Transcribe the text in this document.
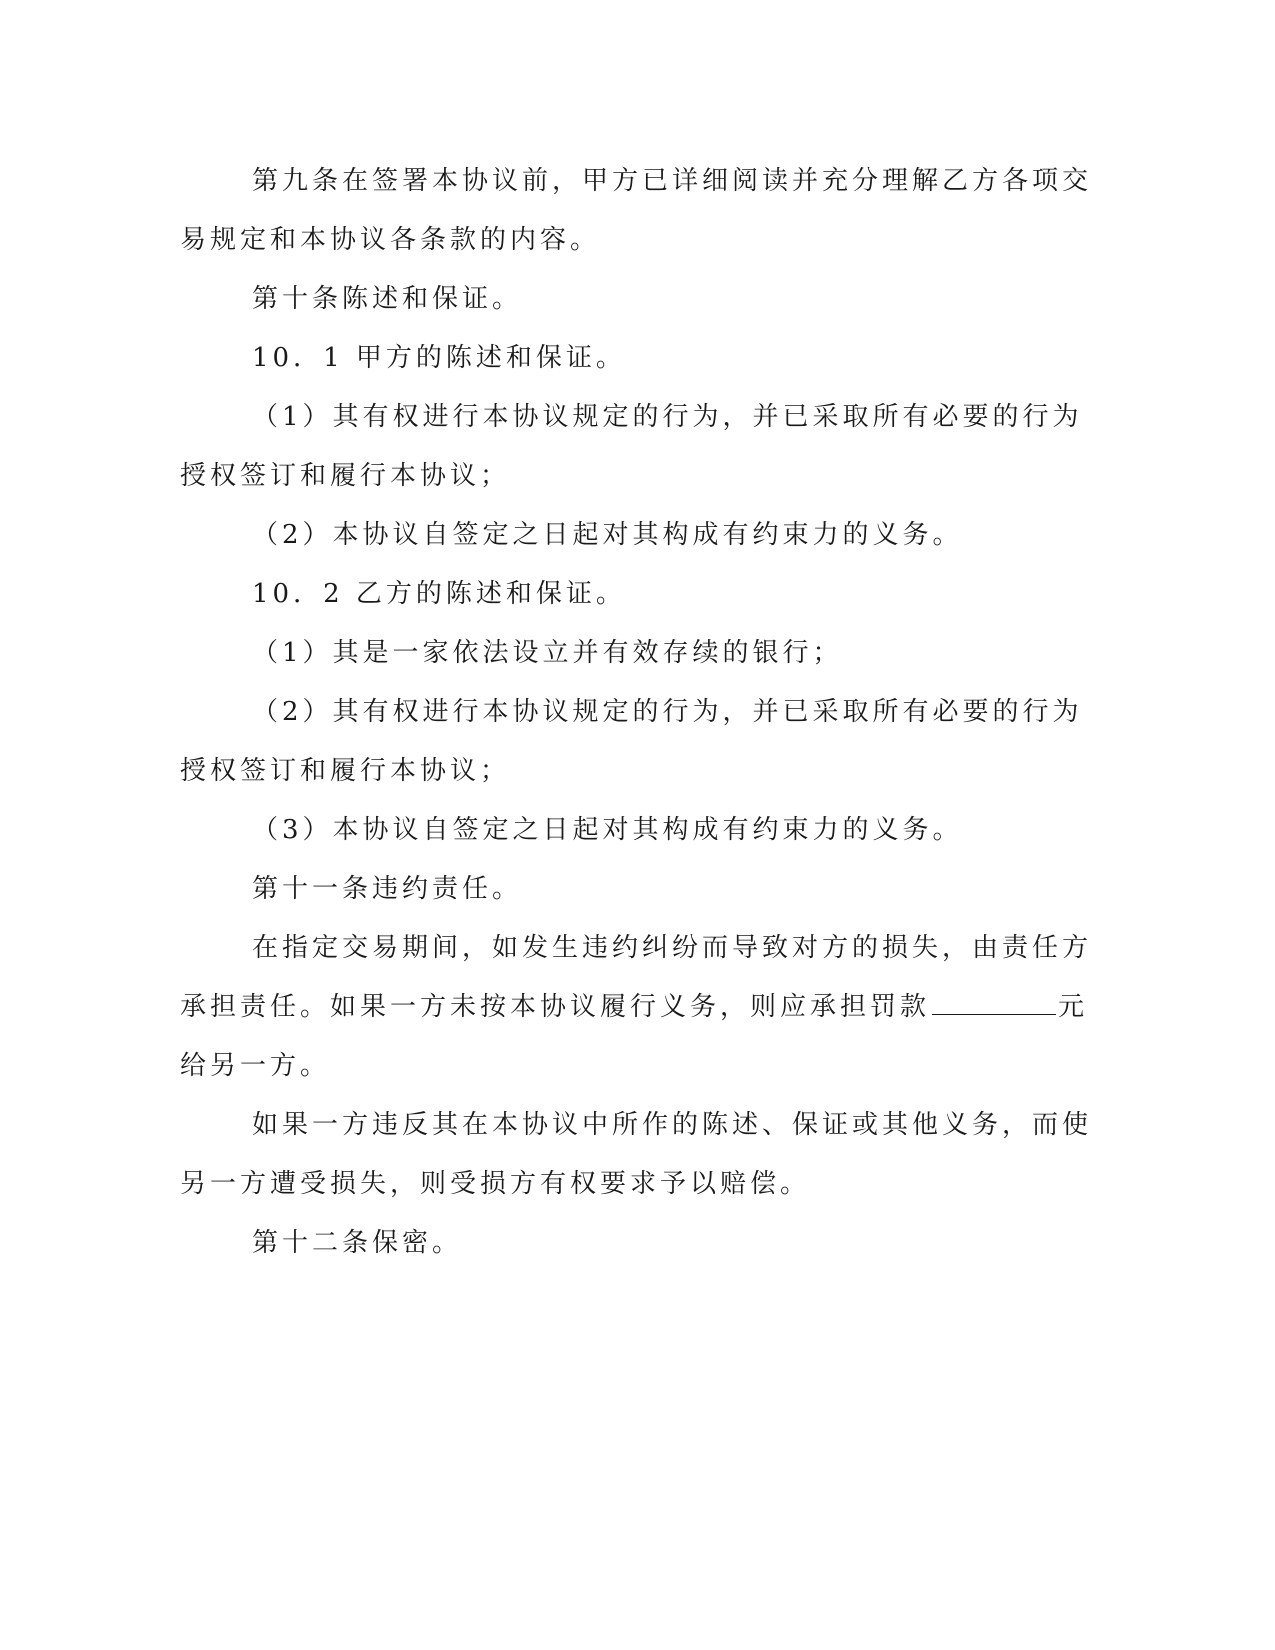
第九条在签署本协议前，甲方已详细阅读并充分理解乙方各项交
易规定和本协议各条款的内容。
第十条陈述和保证。
10．1 甲方的陈述和保证。
（1）其有权进行本协议规定的行为，并已采取所有必要的行为
授权签订和履行本协议；
（2）本协议自签定之日起对其构成有约束力的义务。
10．2 乙方的陈述和保证。
（1）其是一家依法设立并有效存续的银行；
（2）其有权进行本协议规定的行为，并已采取所有必要的行为
授权签订和履行本协议；
（3）本协议自签定之日起对其构成有约束力的义务。
第十一条违约责任。
在指定交易期间，如发生违约纠纷而导致对方的损失，由责任方
承担责任。如果一方未按本协议履行义务，则应承担罚款	元
给另一方。
如果一方违反其在本协议中所作的陈述、保证或其他义务，而使
另一方遭受损失，则受损方有权要求予以赔偿。
第十二条保密。
